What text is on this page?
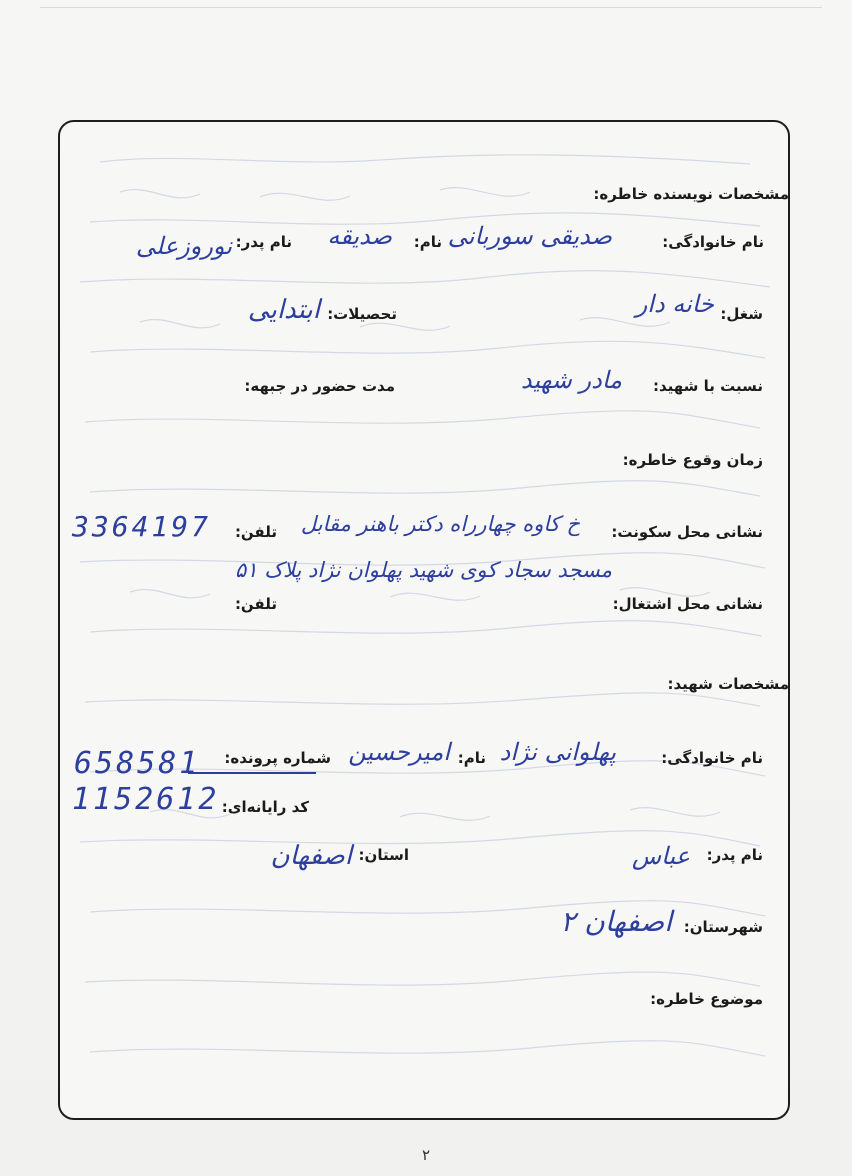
مشخصات نویسنده خاطره:
نام خانوادگی:
صدیقی سوربانی
نام:
صدیقه
نام پدر:
نوروزعلی
شغل:
خانه دار
تحصیلات:
ابتدایی
نسبت با شهید:
مادر شهید
مدت حضور در جبهه:
زمان وقوع خاطره:
نشانی محل سکونت:
خ کاوه چهارراه دکتر باهنر مقابل
تلفن:
3364197
مسجد سجاد کوی شهید پهلوان نژاد پلاک ۵۱
نشانی محل اشتغال:
تلفن:
مشخصات شهید:
نام خانوادگی:
پهلوانی نژاد
نام:
امیرحسین
شماره پرونده:
658581
کد رایانه‌ای:
1152612
نام پدر:
عباس
استان:
اصفهان
شهرستان:
اصفهان ۲
موضوع خاطره:
۲
